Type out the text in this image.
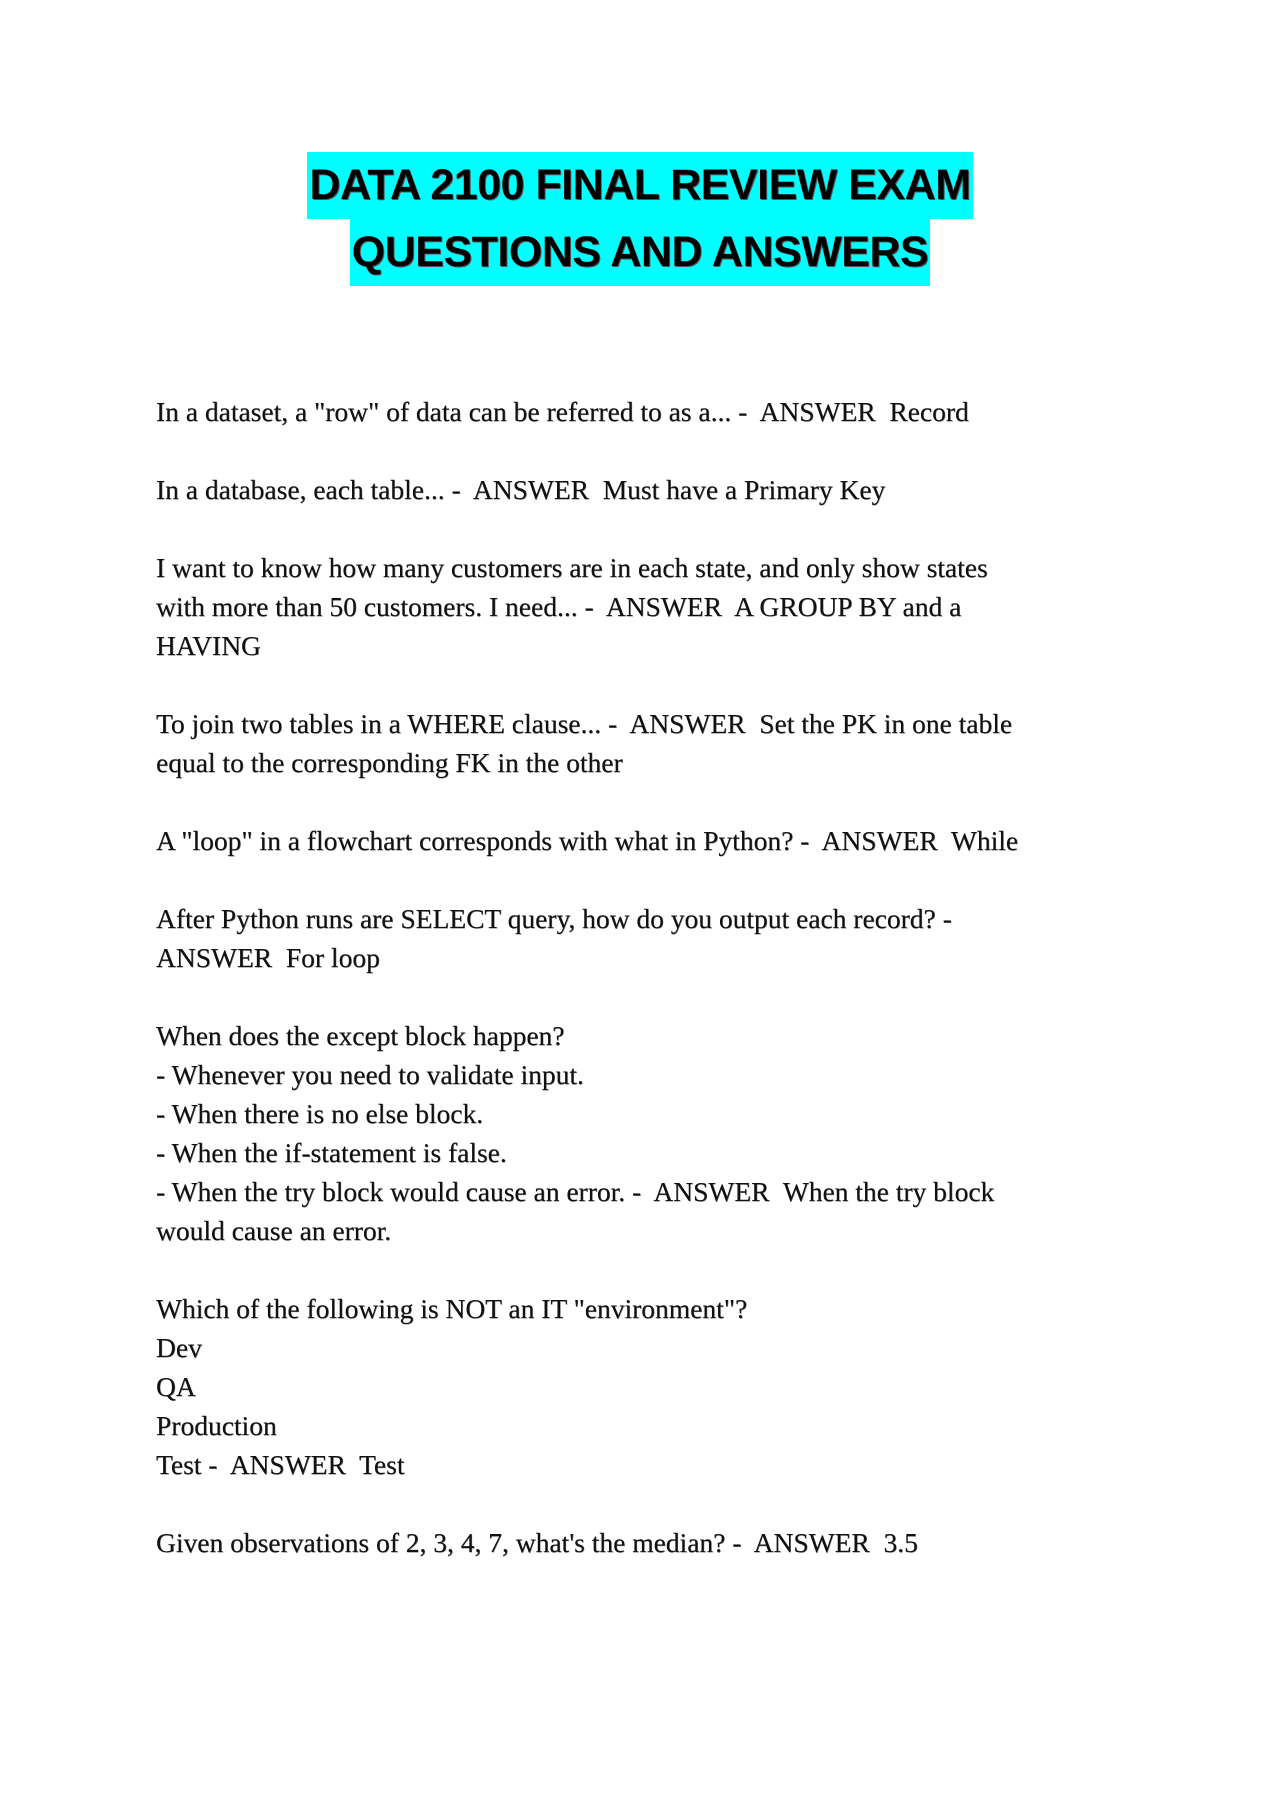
DATA 2100 FINAL REVIEW EXAM
QUESTIONS AND ANSWERS
In a dataset, a "row" of data can be referred to as a... -  ANSWER  Record
In a database, each table... -  ANSWER  Must have a Primary Key
I want to know how many customers are in each state, and only show states
with more than 50 customers. I need... -  ANSWER  A GROUP BY and a
HAVING
To join two tables in a WHERE clause... -  ANSWER  Set the PK in one table
equal to the corresponding FK in the other
A "loop" in a flowchart corresponds with what in Python? -  ANSWER  While
After Python runs are SELECT query, how do you output each record? -
ANSWER  For loop
When does the except block happen?
- Whenever you need to validate input.
- When there is no else block.
- When the if-statement is false.
- When the try block would cause an error. -  ANSWER  When the try block
would cause an error.
Which of the following is NOT an IT "environment"?
Dev
QA
Production
Test -  ANSWER  Test
Given observations of 2, 3, 4, 7, what's the median? -  ANSWER  3.5
